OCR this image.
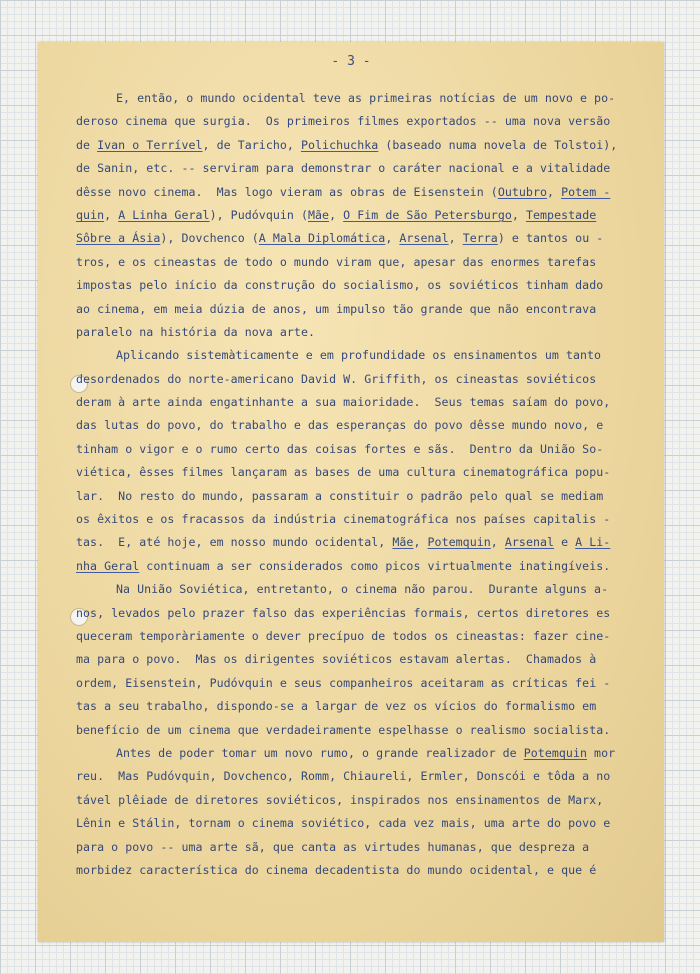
- 3 -
E, então, o mundo ocidental teve as primeiras notícias de um novo e po-
deroso cinema que surgia.  Os primeiros filmes exportados -- uma nova versão
de Ivan o Terrível, de Taricho, Polichuchka (baseado numa novela de Tolstoi),
de Sanin, etc. -- serviram para demonstrar o caráter nacional e a vitalidade
dêsse novo cinema.  Mas logo vieram as obras de Eisenstein (Outubro, Potem -
quin, A Linha Geral), Pudóvquin (Mãe, O Fim de São Petersburgo, Tempestade
Sôbre a Ásia), Dovchenco (A Mala Diplomática, Arsenal, Terra) e tantos ou -
tros, e os cineastas de todo o mundo viram que, apesar das enormes tarefas
impostas pelo início da construção do socialismo, os soviéticos tinham dado
ao cinema, em meia dúzia de anos, um impulso tão grande que não encontrava
paralelo na história da nova arte.
Aplicando sistemàticamente e em profundidade os ensinamentos um tanto
desordenados do norte-americano David W. Griffith, os cineastas soviéticos
deram à arte ainda engatinhante a sua maioridade.  Seus temas saíam do povo,
das lutas do povo, do trabalho e das esperanças do povo dêsse mundo novo, e
tinham o vigor e o rumo certo das coisas fortes e sãs.  Dentro da União So-
viética, êsses filmes lançaram as bases de uma cultura cinematográfica popu-
lar.  No resto do mundo, passaram a constituir o padrão pelo qual se mediam
os êxitos e os fracassos da indústria cinematográfica nos países capitalis -
tas.  E, até hoje, em nosso mundo ocidental, Mãe, Potemquin, Arsenal e A Li-
nha Geral continuam a ser considerados como picos virtualmente inatingíveis.
Na União Soviética, entretanto, o cinema não parou.  Durante alguns a-
nos, levados pelo prazer falso das experiências formais, certos diretores es
queceram temporàriamente o dever precípuo de todos os cineastas: fazer cine-
ma para o povo.  Mas os dirigentes soviéticos estavam alertas.  Chamados à
ordem, Eisenstein, Pudóvquin e seus companheiros aceitaram as críticas fei -
tas a seu trabalho, dispondo-se a largar de vez os vícios do formalismo em
benefício de um cinema que verdadeiramente espelhasse o realismo socialista.
Antes de poder tomar um novo rumo, o grande realizador de Potemquin mor
reu.  Mas Pudóvquin, Dovchenco, Romm, Chiaureli, Ermler, Donscói e tôda a no
tável plêiade de diretores soviéticos, inspirados nos ensinamentos de Marx,
Lênin e Stálin, tornam o cinema soviético, cada vez mais, uma arte do povo e
para o povo -- uma arte sã, que canta as virtudes humanas, que despreza a
morbidez característica do cinema decadentista do mundo ocidental, e que é
